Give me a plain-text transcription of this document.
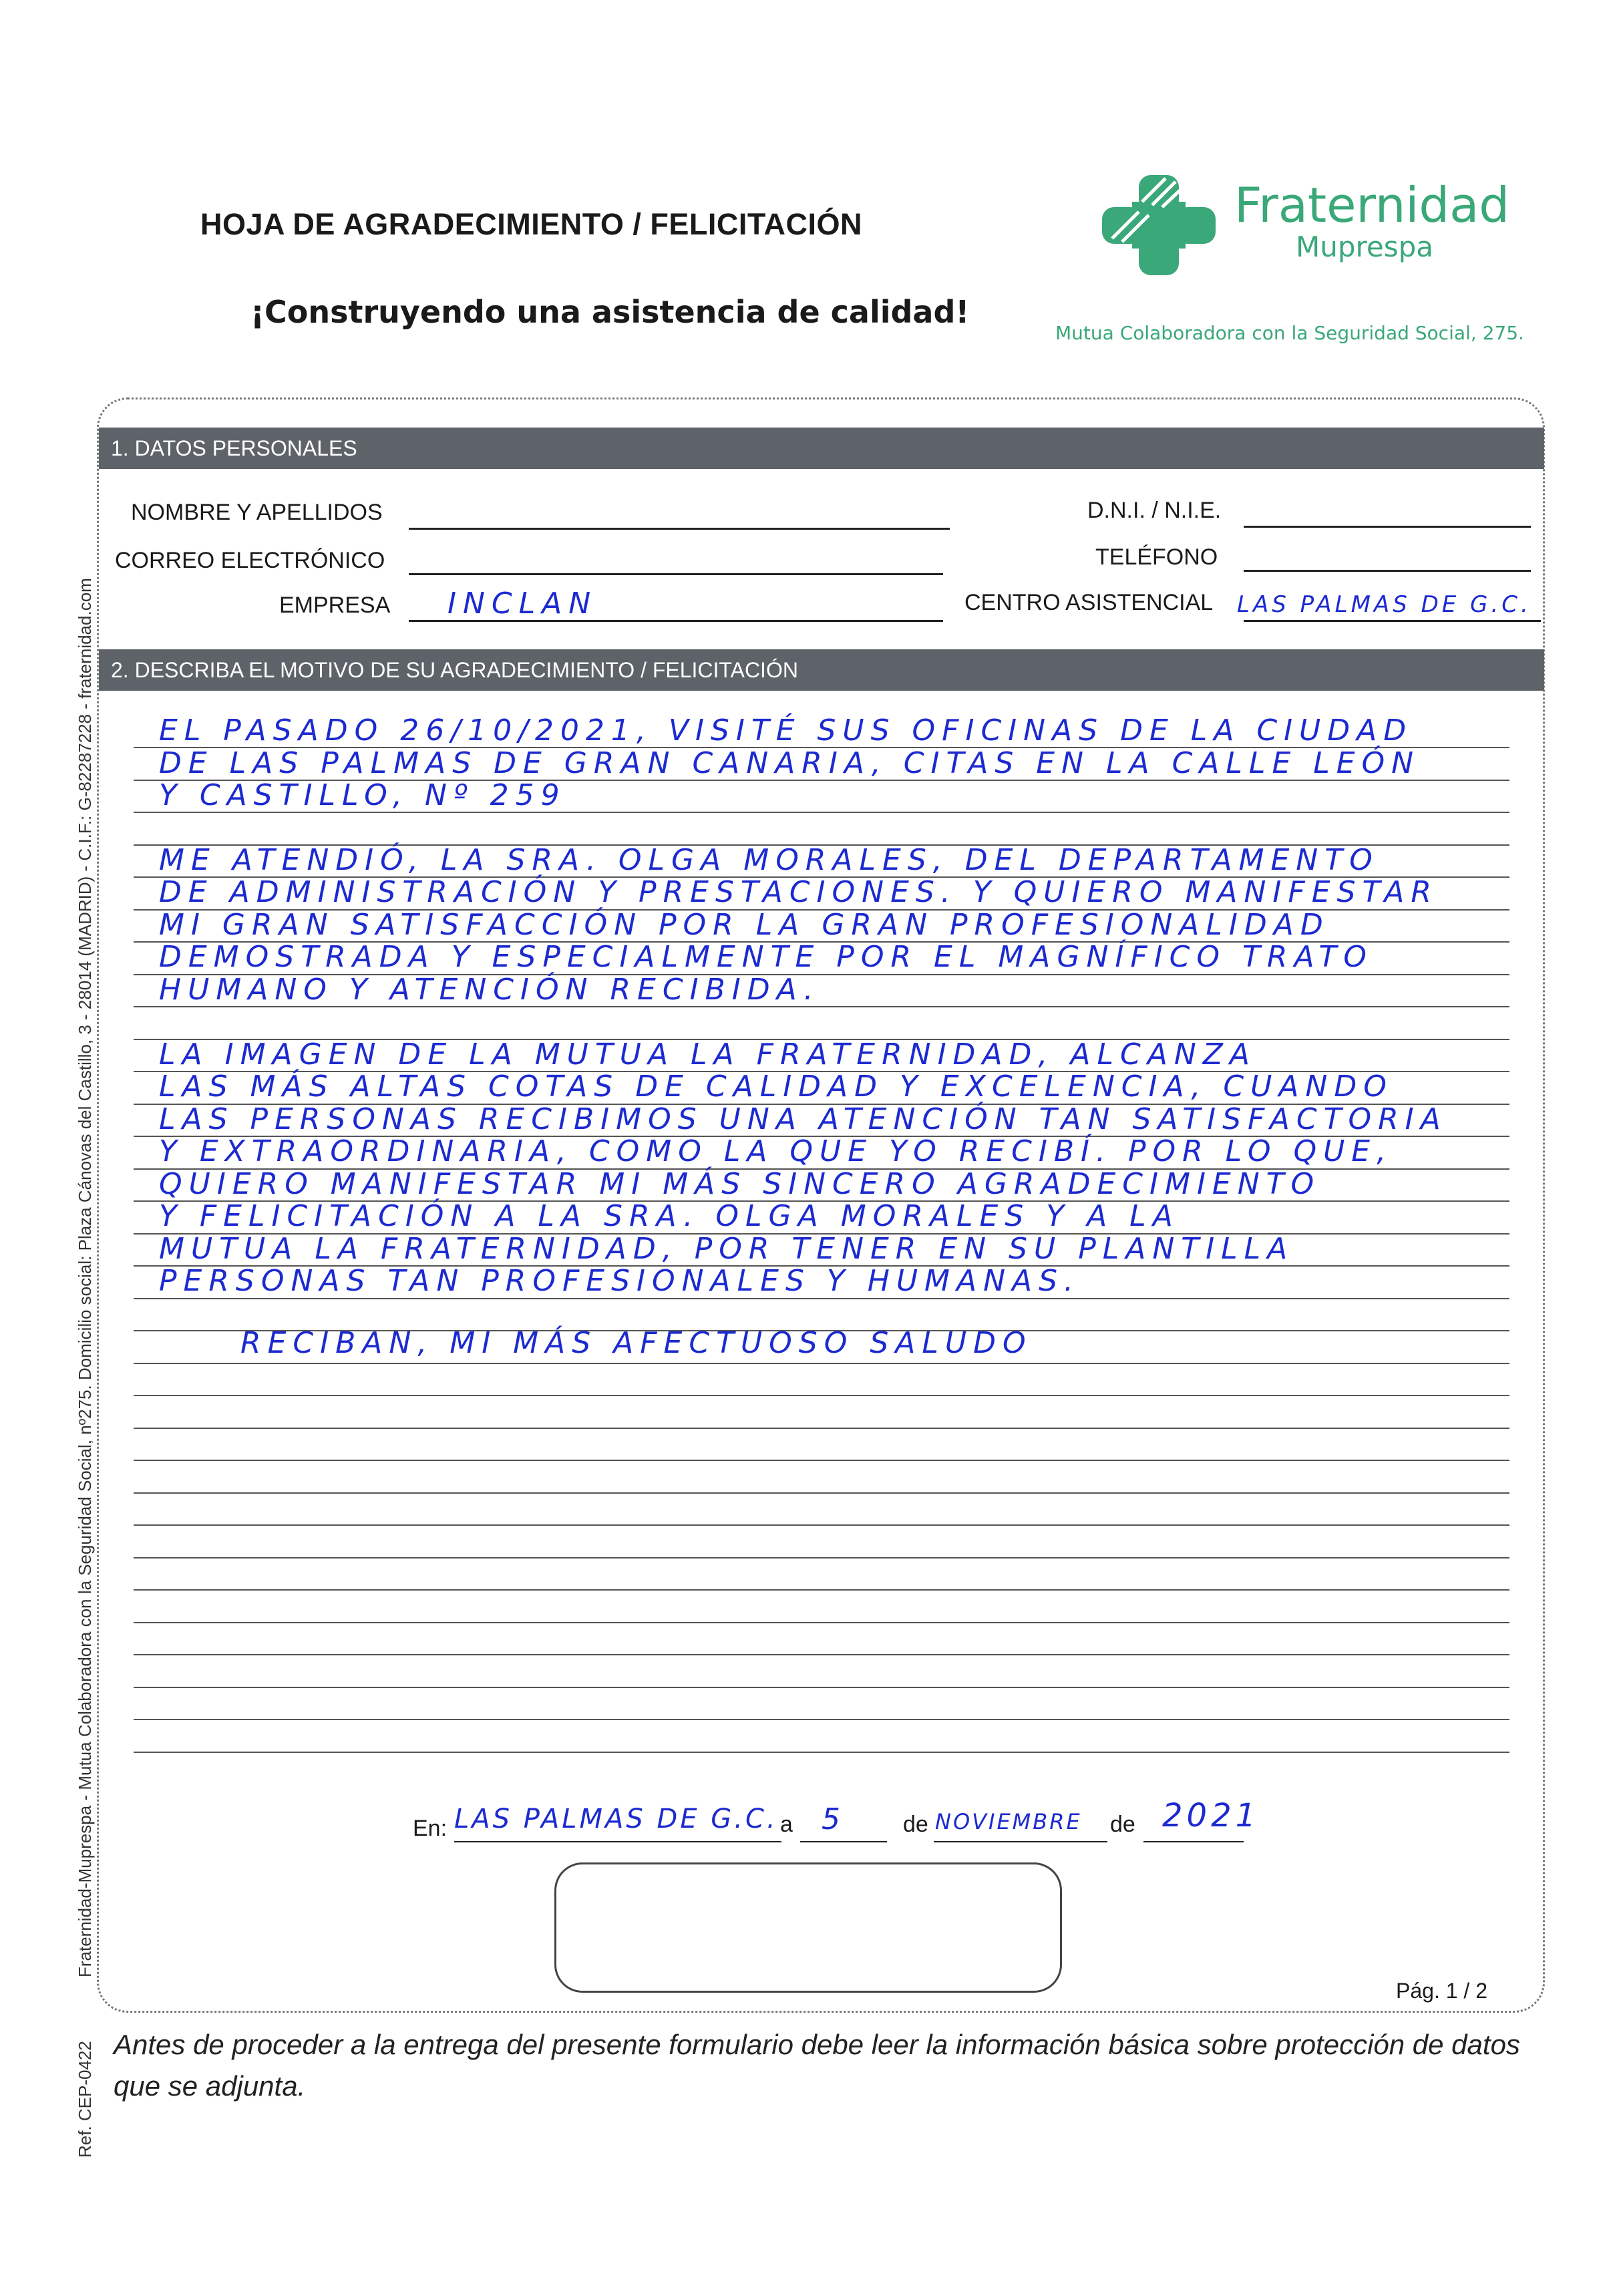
HOJA DE AGRADECIMIENTO / FELICITACIÓN
¡Construyendo una asistencia de calidad!
Fraternidad
Muprespa
Mutua Colaboradora con la Seguridad Social, 275.
Fraternidad-Muprespa - Mutua Colaboradora con la Seguridad Social, nº275. Domicilio social: Plaza Cánovas del Castillo, 3 - 28014 (MADRID) - C.I.F.: G-82287228 - fraternidad.com
Ref. CEP-0422
1. DATOS PERSONALES
NOMBRE Y APELLIDOS	D.N.I. / N.I.E.
CORREO ELECTRÓNICO	TELÉFONO
EMPRESA INCLAN	CENTRO ASISTENCIAL LAS PALMAS DE G.C.
2. DESCRIBA EL MOTIVO DE SU AGRADECIMIENTO / FELICITACIÓN
EL PASADO 26/10/2021, VISITÉ SUS OFICINAS DE LA CIUDAD
DE LAS PALMAS DE GRAN CANARIA, CITAS EN LA CALLE LEÓN
Y CASTILLO, Nº 259
ME ATENDIÓ, LA SRA. OLGA MORALES, DEL DEPARTAMENTO
DE ADMINISTRACIÓN Y PRESTACIONES. Y QUIERO MANIFESTAR
MI GRAN SATISFACCIÓN POR LA GRAN PROFESIONALIDAD
DEMOSTRADA Y ESPECIALMENTE POR EL MAGNÍFICO TRATO
HUMANO Y ATENCIÓN RECIBIDA.
LA IMAGEN DE LA MUTUA LA FRATERNIDAD, ALCANZA
LAS MÁS ALTAS COTAS DE CALIDAD Y EXCELENCIA, CUANDO
LAS PERSONAS RECIBIMOS UNA ATENCIÓN TAN SATISFACTORIA
Y EXTRAORDINARIA, COMO LA QUE YO RECIBÍ. POR LO QUE,
QUIERO MANIFESTAR MI MÁS SINCERO AGRADECIMIENTO
Y FELICITACIÓN A LA SRA. OLGA MORALES Y A LA
MUTUA LA FRATERNIDAD, POR TENER EN SU PLANTILLA
PERSONAS TAN PROFESIONALES Y HUMANAS.
RECIBAN, MI MÁS AFECTUOSO SALUDO
En: LAS PALMAS DE G.C. a 5 de NOVIEMBRE de 2021
Pág. 1 / 2
Antes de proceder a la entrega del presente formulario debe leer la información básica sobre protección de datos que se adjunta.
